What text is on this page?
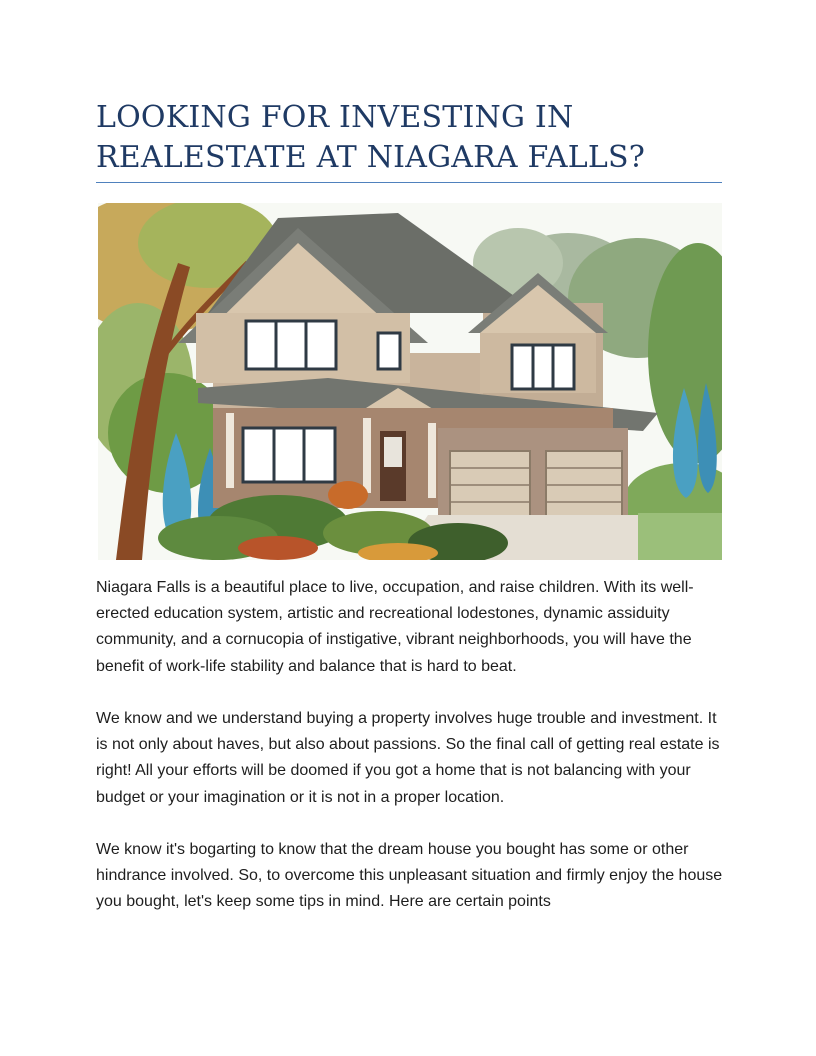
LOOKING FOR INVESTING IN
REALESTATE AT NIAGARA FALLS?

Niagara Falls is a beautiful place to live, occupation, and raise children. With its well-erected education system, artistic and recreational lodestones, dynamic assiduity community, and a cornucopia of instigative, vibrant neighborhoods, you will have the benefit of work-life stability and balance that is hard to beat.

We know and we understand buying a property involves huge trouble and investment. It is not only about haves, but also about passions. So the final call of getting real estate is right! All your efforts will be doomed if you got a home that is not balancing with your budget or your imagination or it is not in a proper location.

We know it's bogarting to know that the dream house you bought has some or other hindrance involved. So, to overcome this unpleasant situation and firmly enjoy the house you bought, let's keep some tips in mind. Here are certain points
